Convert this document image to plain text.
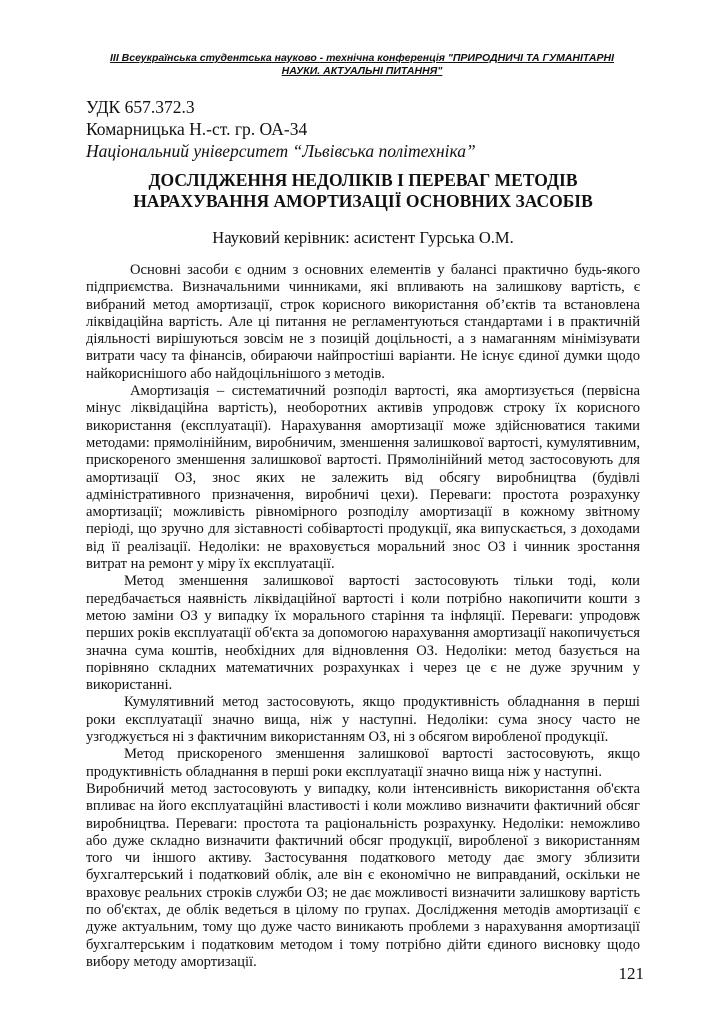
III Всеукраїнська студентська науково - технічна конференція "ПРИРОДНИЧІ ТА ГУМАНІТАРНІ НАУКИ. АКТУАЛЬНІ ПИТАННЯ"
УДК 657.372.3
Комарницька Н.-ст. гр. ОА-34
Національний університет “Львівська політехніка”
ДОСЛІДЖЕННЯ НЕДОЛІКІВ І ПЕРЕВАГ МЕТОДІВ НАРАХУВАННЯ АМОРТИЗАЦІЇ ОСНОВНИХ ЗАСОБІВ
Науковий керівник: асистент Гурська О.М.

Основні засоби є одним з основних елементів у балансі практично будь-якого підприємства. Визначальними чинниками, які впливають на залишкову вартість, є вибраний метод амортизації, строк корисного використання об’єктів та встановлена ліквідаційна вартість. Але ці питання не регламентуються стандартами і в практичній діяльності вирішуються зовсім не з позицій доцільності, а з намаганням мінімізувати витрати часу та фінансів, обираючи найпростіші варіанти. Не існує єдиної думки щодо найкориснішого або найдоцільнішого з методів.

Амортизація – систематичний розподіл вартості, яка амортизується (первісна мінус ліквідаційна вартість), необоротних активів упродовж строку їх корисного використання (експлуатації). Нарахування амортизації може здійснюватися такими методами: прямолінійним, виробничим, зменшення залишкової вартості, кумулятивним, прискореного зменшення залишкової вартості. Прямолінійний метод застосовують для амортизації ОЗ, знос яких не залежить від обсягу виробництва (будівлі адміністративного призначення, виробничі цехи). Переваги: простота розрахунку амортизації; можливість рівномірного розподілу амортизації в кожному звітному періоді, що зручно для зіставності собівартості продукції, яка випускається, з доходами від її реалізації. Недоліки: не враховується моральний знос ОЗ і чинник зростання витрат на ремонт у міру їх експлуатації.

Метод зменшення залишкової вартості застосовують тільки тоді, коли передбачається наявність ліквідаційної вартості і коли потрібно накопичити кошти з метою заміни ОЗ у випадку їх морального старіння та інфляції. Переваги: упродовж перших років експлуатації об'єкта за допомогою нарахування амортизації накопичується значна сума коштів, необхідних для відновлення ОЗ. Недоліки: метод базується на порівняно складних математичних розрахунках і через це є не дуже зручним у використанні.

Кумулятивний метод застосовують, якщо продуктивність обладнання в перші роки експлуатації значно вища, ніж у наступні. Недоліки: сума зносу часто не узгоджується ні з фактичним використанням ОЗ, ні з обсягом виробленої продукції.

Метод прискореного зменшення залишкової вартості застосовують, якщо продуктивність обладнання в перші роки експлуатації значно вища ніж у наступні.

Виробничий метод застосовують у випадку, коли інтенсивність використання об'єкта впливає на його експлуатаційні властивості і коли можливо визначити фактичний обсяг виробництва. Переваги: простота та раціональність розрахунку. Недоліки: неможливо або дуже складно визначити фактичний обсяг продукції, виробленої з використанням того чи іншого активу. Застосування податкового методу дає змогу зблизити бухгалтерський і податковий облік, але він є економічно не виправданий, оскільки не враховує реальних строків служби ОЗ; не дає можливості визначити залишкову вартість по об'єктах, де облік ведеться в цілому по групах. Дослідження методів амортизації є дуже актуальним, тому що дуже часто виникають проблеми з нарахування амортизації бухгалтерським і податковим методом і тому потрібно дійти єдиного висновку щодо вибору методу амортизації.

121
